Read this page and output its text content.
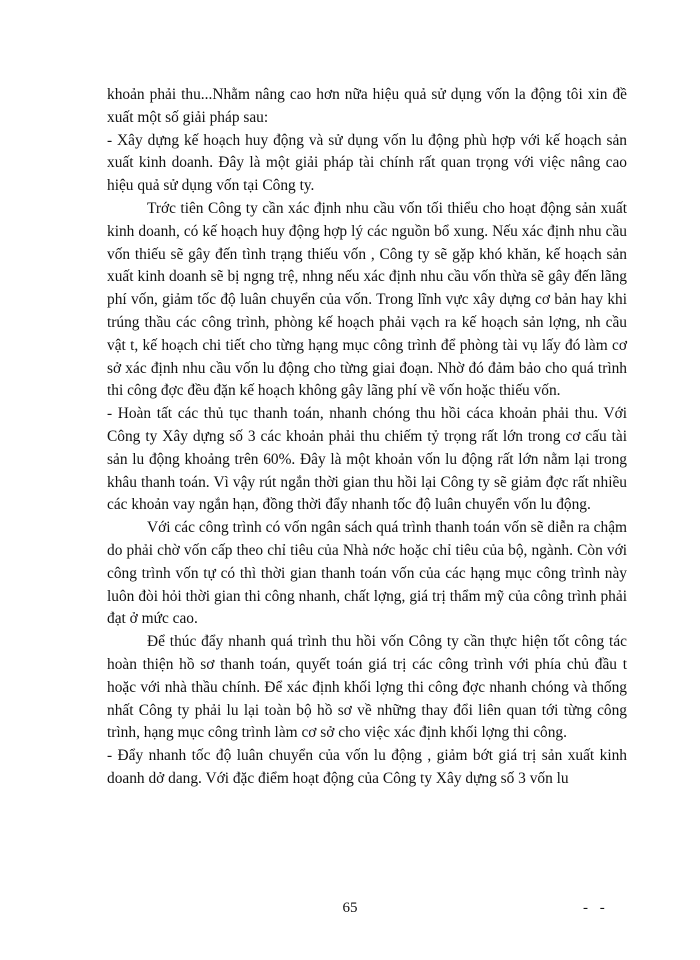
khoản phải thu...Nhằm nâng cao hơn nữa hiệu quả sử dụng vốn la động tôi xin đề xuất một số giải pháp sau:

- Xây dựng kế hoạch huy động và sử dụng vốn lu động phù hợp với kế hoạch sản xuất kinh doanh. Đây là một giải pháp tài chính rất quan trọng với việc nâng cao hiệu quả sử dụng vốn tại Công ty.

Trớc tiên Công ty cần xác định nhu cầu vốn tối thiểu cho hoạt động sản xuất kinh doanh, có kế hoạch huy động hợp lý các nguồn bổ xung. Nếu xác định nhu cầu vốn thiếu sẽ gây đến tình trạng thiếu vốn , Công ty sẽ gặp khó khăn, kế hoạch sản xuất kinh doanh sẽ bị ngng trệ, nhng nếu xác định nhu cầu vốn thừa sẽ gây đến lãng phí vốn, giảm tốc độ luân chuyển của vốn. Trong lĩnh vực xây dựng cơ bản hay khi trúng thầu các công trình, phòng kế hoạch phải vạch ra kế hoạch sản lợng, nh cầu vật t, kế hoạch chi tiết cho từng hạng mục công trình để phòng tài vụ lấy đó làm cơ sở xác định nhu cầu vốn lu động cho từng giai đoạn. Nhờ đó đảm bảo cho quá trình thi công đợc đều đặn kế hoạch không gây lãng phí về vốn hoặc thiếu vốn.

- Hoàn tất các thủ tục thanh toán, nhanh chóng thu hồi cáca khoản phải thu. Với Công ty Xây dựng số 3 các khoản phải thu chiếm tỷ trọng rất lớn trong cơ cấu tài sản lu động khoảng trên 60%. Đây là một khoản vốn lu động rất lớn nằm lại trong khâu thanh toán. Vì vậy rút ngắn thời gian thu hồi lại Công ty sẽ giảm đợc rất nhiều các khoản vay ngắn hạn, đồng thời đẩy nhanh tốc độ luân chuyển vốn lu động.

Với các công trình có vốn ngân sách quá trình thanh toán vốn sẽ diễn ra chậm do phải chờ vốn cấp theo chỉ tiêu của Nhà nớc hoặc chỉ tiêu của bộ, ngành. Còn với công trình vốn tự có thì thời gian thanh toán vốn của các hạng mục công trình này luôn đòi hỏi thời gian thi công nhanh, chất lợng, giá trị thẩm mỹ của công trình phải đạt ở mức cao.

Để thúc đẩy nhanh quá trình thu hồi vốn Công ty cần thực hiện tốt công tác hoàn thiện hồ sơ thanh toán, quyết toán giá trị các công trình với phía chủ đầu t hoặc với nhà thầu chính. Để xác định khối lợng thi công đợc nhanh chóng và thống nhất Công ty phải lu lại toàn bộ hồ sơ về những thay đổi liên quan tới từng công trình, hạng mục công trình làm cơ sở cho việc xác định khối lợng thi công.

- Đẩy nhanh tốc độ luân chuyển của vốn lu động , giảm bớt giá trị sản xuất kinh doanh dở dang. Với đặc điểm hoạt động của Công ty Xây dựng số 3 vốn lu

65	- -
